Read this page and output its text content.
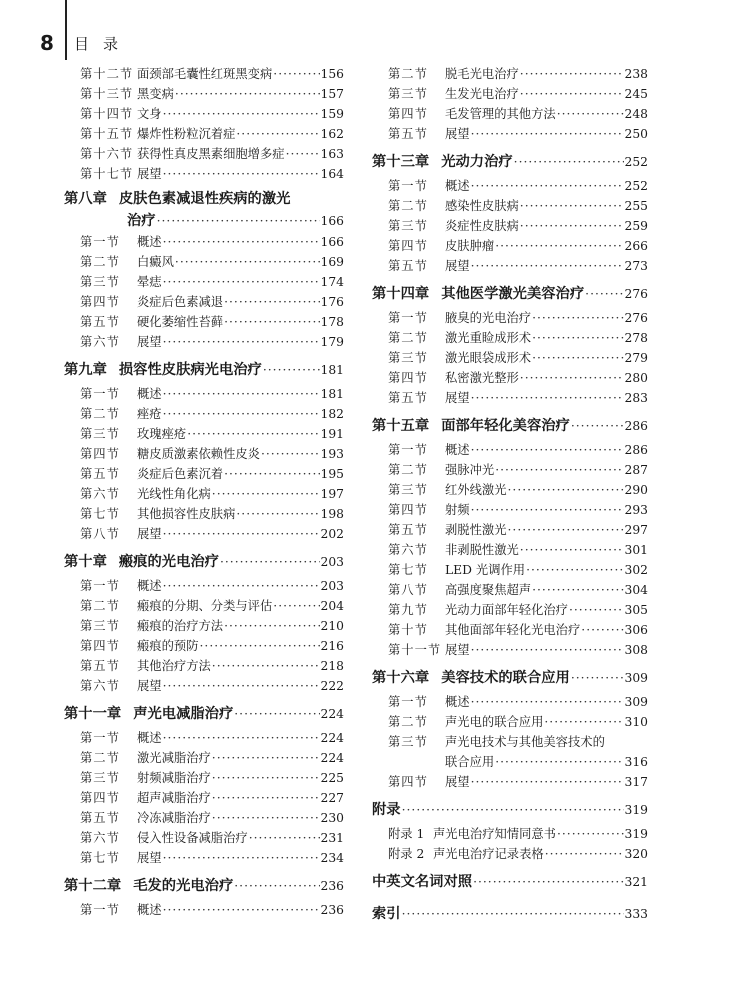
8 目录
第十二节 面颈部毛囊性红斑黑变病 ·····	156
第十三节 黑变病 ·····	157
第十四节 文身 ·····	159
第十五节 爆炸性粉粒沉着症 ·····	162
第十六节 获得性真皮黑素细胞增多症 ·····	163
第十七节 展望 ·····	164
第八章 皮肤色素减退性疾病的激光
治疗 ·····	166
第一节	概述 ·····	166
第二节	白癜风 ·····	169
第三节	晕痣 ·····	174
第四节	炎症后色素减退 ·····	176
第五节	硬化萎缩性苔藓 ·····	178
第六节	展望 ·····	179
第九章 损容性皮肤病光电治疗 ·····	181
第一节	概述 ·····	181
第二节	痤疮 ·····	182
第三节	玫瑰痤疮 ·····	191
第四节	糖皮质激素依赖性皮炎 ·····	193
第五节	炎症后色素沉着 ·····	195
第六节	光线性角化病 ·····	197
第七节	其他损容性皮肤病 ·····	198
第八节	展望 ·····	202
第十章 瘢痕的光电治疗 ·····	203
第一节	概述 ·····	203
第二节	瘢痕的分期、分类与评估 ·····	204
第三节	瘢痕的治疗方法 ·····	210
第四节	瘢痕的预防 ·····	216
第五节	其他治疗方法 ·····	218
第六节	展望 ·····	222
第十一章 声光电减脂治疗 ·····	224
第一节	概述 ·····	224
第二节	激光减脂治疗 ·····	224
第三节	射频减脂治疗 ·····	225
第四节	超声减脂治疗 ·····	227
第五节	冷冻减脂治疗 ·····	230
第六节	侵入性设备减脂治疗 ·····	231
第七节	展望 ·····	234
第十二章 毛发的光电治疗 ·····	236
第一节	概述 ·····	236
第二节	脱毛光电治疗 ·····	238
第三节	生发光电治疗 ·····	245
第四节	毛发管理的其他方法 ·····	248
第五节	展望 ·····	250
第十三章 光动力治疗 ·····	252
第一节	概述 ·····	252
第二节	感染性皮肤病 ·····	255
第三节	炎症性皮肤病 ·····	259
第四节	皮肤肿瘤 ·····	266
第五节	展望 ·····	273
第十四章 其他医学激光美容治疗 ·····	276
第一节	腋臭的光电治疗 ·····	276
第二节	激光重睑成形术 ·····	278
第三节	激光眼袋成形术 ·····	279
第四节	私密激光整形 ·····	280
第五节	展望 ·····	283
第十五章 面部年轻化美容治疗 ·····	286
第一节	概述 ·····	286
第二节	强脉冲光 ·····	287
第三节	红外线激光 ·····	290
第四节	射频 ·····	293
第五节	剥脱性激光 ·····	297
第六节	非剥脱性激光 ·····	301
第七节	LED 光调作用 ·····	302
第八节	高强度聚焦超声 ·····	304
第九节	光动力面部年轻化治疗 ·····	305
第十节	其他面部年轻化光电治疗 ·····	306
第十一节 展望 ·····	308
第十六章 美容技术的联合应用 ·····	309
第一节	概述 ·····	309
第二节	声光电的联合应用 ·····	310
第三节	声光电技术与其他美容技术的
联合应用 ·····	316
第四节	展望 ·····	317
附录 ·····	319
附录 1 声光电治疗知情同意书 ·····	319
附录 2 声光电治疗记录表格 ·····	320
中英文名词对照 ·····	321
索引 ·····	333
